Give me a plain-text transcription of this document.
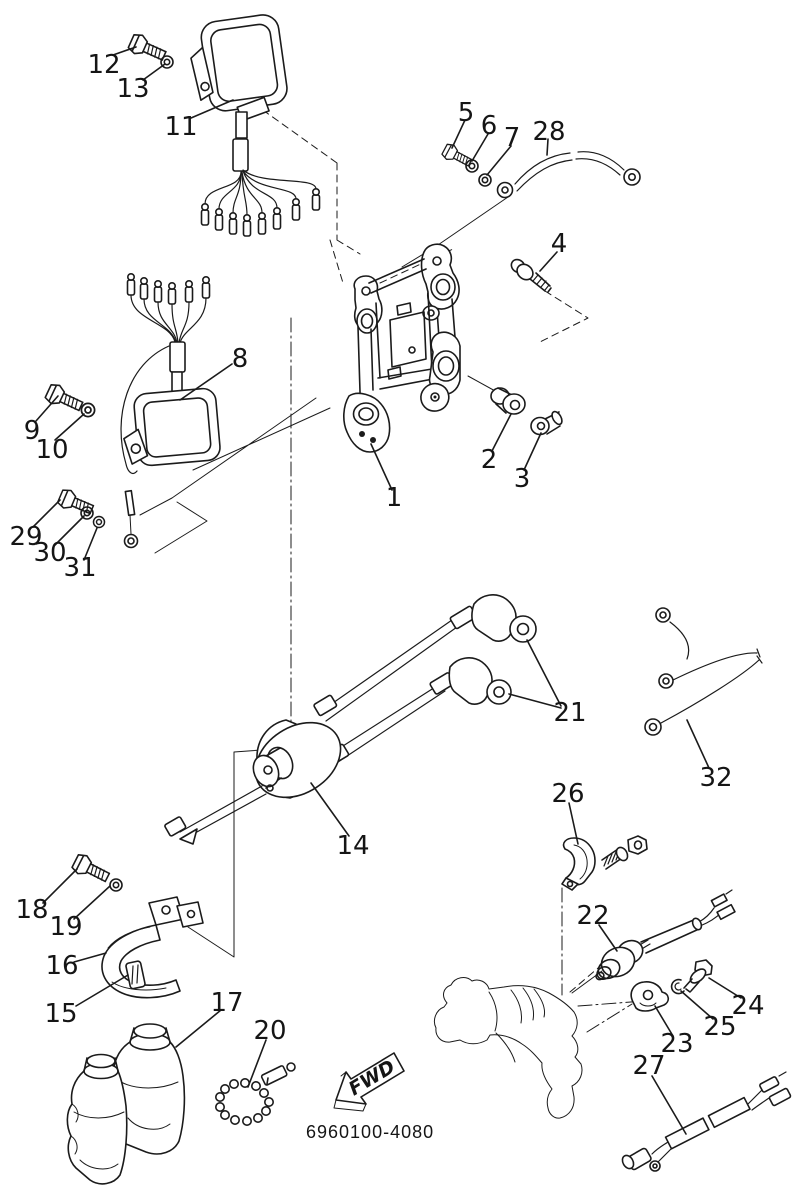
FWD
6960100-4080
1
2
3
4
5 6 7
8
9
10
11
12
13
14
15
16
17
18
19
20
21
22
23
24
25
26
27
28
29
30
31
32
